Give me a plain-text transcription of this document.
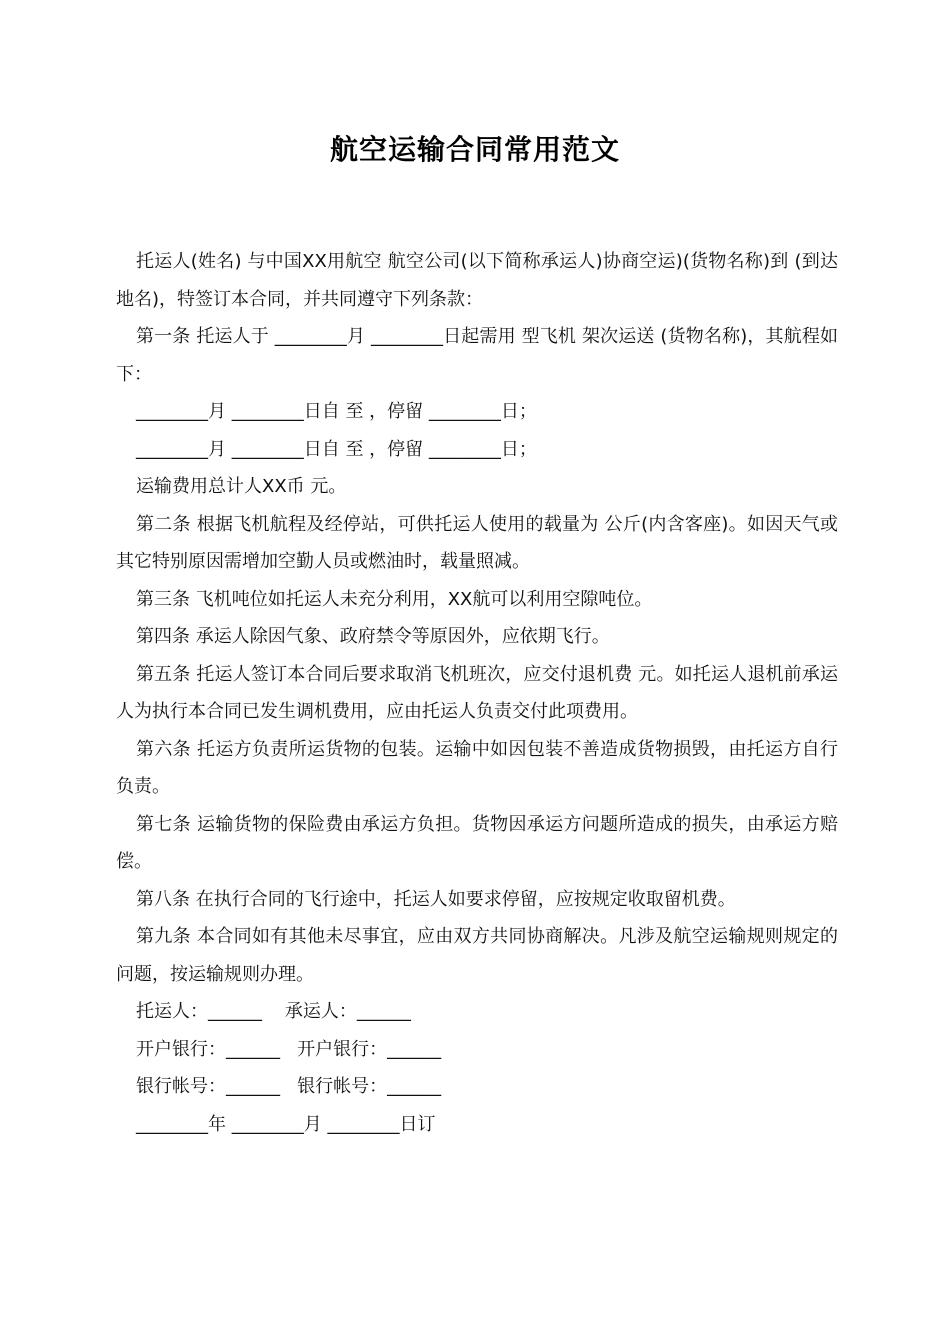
航空运输合同常用范文

托运人(姓名) 与中国XX用航空 航空公司(以下简称承运人)协商空运)(货物名称)到 (到达地名)，特签订本合同，并共同遵守下列条款：

第一条 托运人于 ________月 ________日起需用 型飞机 架次运送 (货物名称)，其航程如下：

________月 ________日自 至 ，停留 ________日；

________月 ________日自 至 ，停留 ________日；

运输费用总计人XX币 元。

第二条 根据飞机航程及经停站，可供托运人使用的载量为 公斤(内含客座)。如因天气或其它特别原因需增加空勤人员或燃油时，载量照减。

第三条 飞机吨位如托运人未充分利用，XX航可以利用空隙吨位。

第四条 承运人除因气象、政府禁令等原因外，应依期飞行。

第五条 托运人签订本合同后要求取消飞机班次，应交付退机费 元。如托运人退机前承运人为执行本合同已发生调机费用，应由托运人负责交付此项费用。

第六条 托运方负责所运货物的包装。运输中如因包装不善造成货物损毁，由托运方自行负责。

第七条 运输货物的保险费由承运方负担。货物因承运方问题所造成的损失，由承运方赔偿。

第八条 在执行合同的飞行途中，托运人如要求停留，应按规定收取留机费。

第九条 本合同如有其他未尽事宜，应由双方共同协商解决。凡涉及航空运输规则规定的问题，按运输规则办理。

托运人：______ 承运人：______
开户银行：______ 开户银行：______
银行帐号：______ 银行帐号：______
________年 ________月 ________日订
